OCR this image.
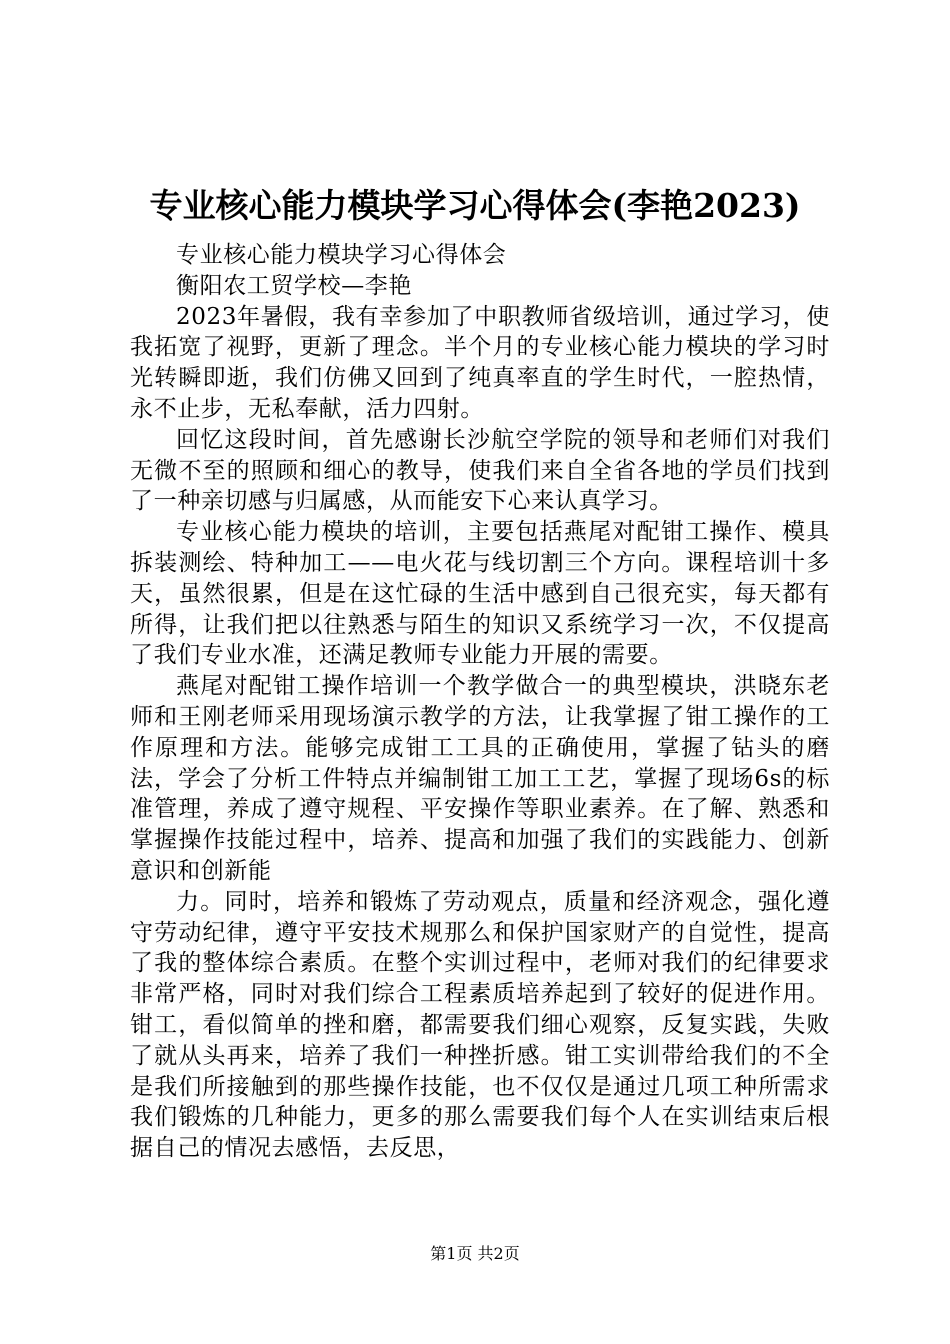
专业核心能力模块学习心得体会(李艳2023)

专业核心能力模块学习心得体会

衡阳农工贸学校—李艳

2023年暑假，我有幸参加了中职教师省级培训，通过学习，使我拓宽了视野，更新了理念。半个月的专业核心能力模块的学习时光转瞬即逝，我们仿佛又回到了纯真率直的学生时代，一腔热情，永不止步，无私奉献，活力四射。

回忆这段时间，首先感谢长沙航空学院的领导和老师们对我们无微不至的照顾和细心的教导，使我们来自全省各地的学员们找到了一种亲切感与归属感，从而能安下心来认真学习。

专业核心能力模块的培训，主要包括燕尾对配钳工操作、模具拆装测绘、特种加工——电火花与线切割三个方向。课程培训十多天，虽然很累，但是在这忙碌的生活中感到自己很充实，每天都有所得，让我们把以往熟悉与陌生的知识又系统学习一次，不仅提高了我们专业水准，还满足教师专业能力开展的需要。

燕尾对配钳工操作培训一个教学做合一的典型模块，洪晓东老师和王刚老师采用现场演示教学的方法，让我掌握了钳工操作的工作原理和方法。能够完成钳工工具的正确使用，掌握了钻头的磨法，学会了分析工件特点并编制钳工加工工艺，掌握了现场6s的标准管理，养成了遵守规程、平安操作等职业素养。在了解、熟悉和掌握操作技能过程中，培养、提高和加强了我们的实践能力、创新意识和创新能

力。同时，培养和锻炼了劳动观点，质量和经济观念，强化遵守劳动纪律，遵守平安技术规那么和保护国家财产的自觉性，提高了我的整体综合素质。在整个实训过程中，老师对我们的纪律要求非常严格，同时对我们综合工程素质培养起到了较好的促进作用。钳工，看似简单的挫和磨，都需要我们细心观察，反复实践，失败了就从头再来，培养了我们一种挫折感。钳工实训带给我们的不全是我们所接触到的那些操作技能，也不仅仅是通过几项工种所需求我们锻炼的几种能力，更多的那么需要我们每个人在实训结束后根据自己的情况去感悟，去反思，

第1页 共2页
